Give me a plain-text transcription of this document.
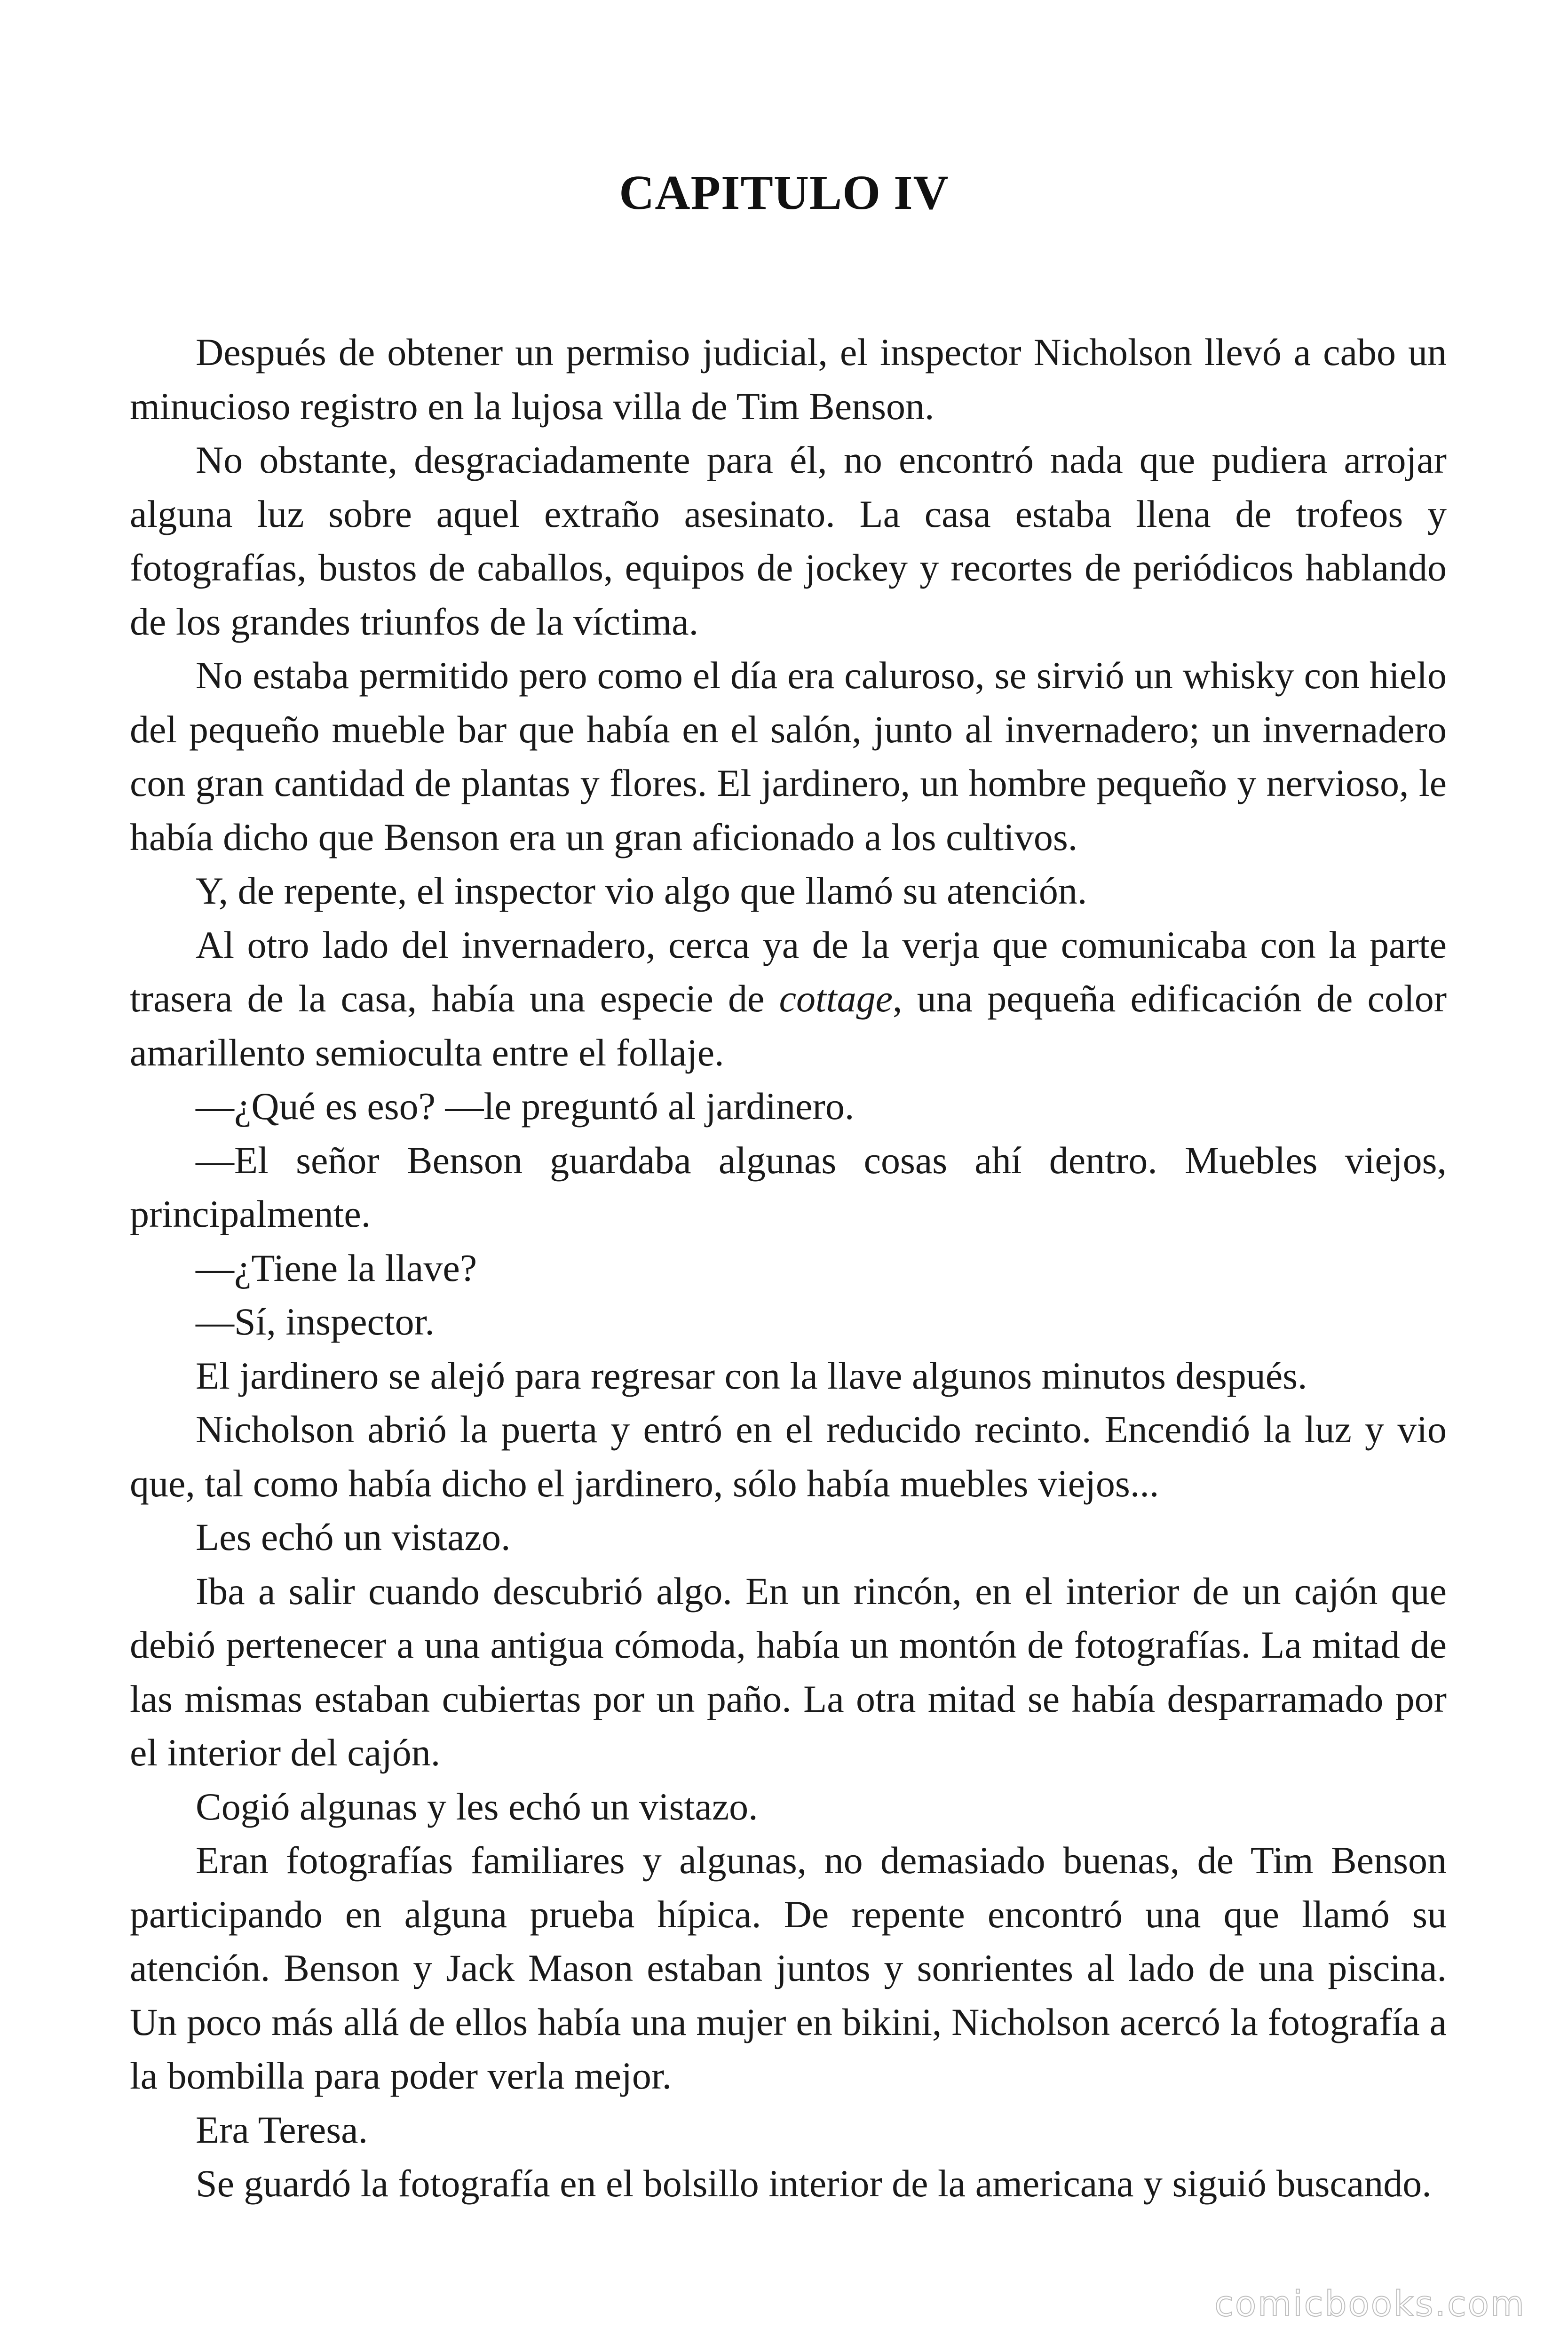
CAPITULO IV

Después de obtener un permiso judicial, el inspector Nicholson llevó a cabo un minucioso registro en la lujosa villa de Tim Benson.

No obstante, desgraciadamente para él, no encontró nada que pudiera arrojar alguna luz sobre aquel extraño asesinato. La casa estaba llena de trofeos y fotografías, bustos de caballos, equipos de jockey y recortes de periódicos hablando de los grandes triunfos de la víctima.

No estaba permitido pero como el día era caluroso, se sirvió un whisky con hielo del pequeño mueble bar que había en el salón, junto al invernadero; un invernadero con gran cantidad de plantas y flores. El jardinero, un hombre pequeño y nervioso, le había dicho que Benson era un gran aficionado a los cultivos.

Y, de repente, el inspector vio algo que llamó su atención.

Al otro lado del invernadero, cerca ya de la verja que comunicaba con la parte trasera de la casa, había una especie de cottage, una pequeña edificación de color amarillento semioculta entre el follaje.

—¿Qué es eso? —le preguntó al jardinero.

—El señor Benson guardaba algunas cosas ahí dentro. Muebles viejos, principalmente.

—¿Tiene la llave?

—Sí, inspector.

El jardinero se alejó para regresar con la llave algunos minutos después.

Nicholson abrió la puerta y entró en el reducido recinto. Encendió la luz y vio que, tal como había dicho el jardinero, sólo había muebles viejos...

Les echó un vistazo.

Iba a salir cuando descubrió algo. En un rincón, en el interior de un cajón que debió pertenecer a una antigua cómoda, había un montón de fotografías. La mitad de las mismas estaban cubiertas por un paño. La otra mitad se había desparramado por el interior del cajón.

Cogió algunas y les echó un vistazo.

Eran fotografías familiares y algunas, no demasiado buenas, de Tim Benson participando en alguna prueba hípica. De repente encontró una que llamó su atención. Benson y Jack Mason estaban juntos y sonrientes al lado de una piscina. Un poco más allá de ellos había una mujer en bikini, Nicholson acercó la fotografía a la bombilla para poder verla mejor.

Era Teresa.

Se guardó la fotografía en el bolsillo interior de la americana y siguió buscando.

comicbooks.com
